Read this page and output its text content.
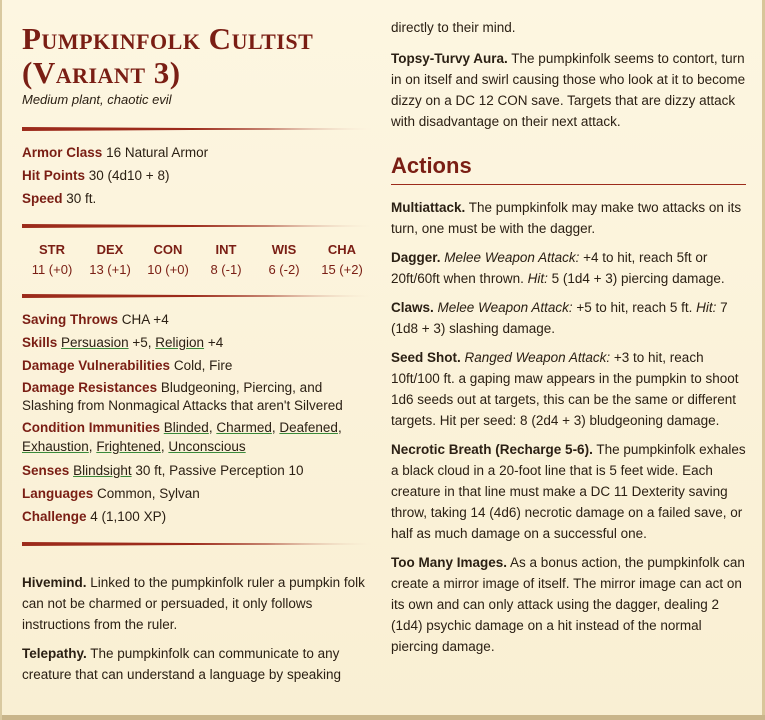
Pumpkinfolk Cultist
(Variant 3)
Medium plant, chaotic evil
Armor Class 16 Natural Armor
Hit Points 30 (4d10 + 8)
Speed 30 ft.
STR
11 (+0)
DEX
13 (+1)
CON
10 (+0)
INT
8 (-1)
WIS
6 (-2)
CHA
15 (+2)
Saving Throws CHA +4
Skills Persuasion +5, Religion +4
Damage Vulnerabilities Cold, Fire
Damage Resistances Bludgeoning, Piercing, and Slashing from Nonmagical Attacks that aren't Silvered
Condition Immunities Blinded, Charmed, Deafened, Exhaustion, Frightened, Unconscious
Senses Blindsight 30 ft, Passive Perception 10
Languages Common, Sylvan
Challenge 4 (1,100 XP)

Hivemind. Linked to the pumpkinfolk ruler a pumpkin folk can not be charmed or persuaded, it only follows instructions from the ruler.

Telepathy. The pumpkinfolk can communicate to any creature that can understand a language by speaking

directly to their mind.

Topsy-Turvy Aura. The pumpkinfolk seems to contort, turn in on itself and swirl causing those who look at it to become dizzy on a DC 12 CON save. Targets that are dizzy attack with disadvantage on their next attack.

Actions

Multiattack. The pumpkinfolk may make two attacks on its turn, one must be with the dagger.

Dagger. Melee Weapon Attack: +4 to hit, reach 5ft or 20ft/60ft when thrown. Hit: 5 (1d4 + 3) piercing damage.

Claws. Melee Weapon Attack: +5 to hit, reach 5 ft. Hit: 7 (1d8 + 3) slashing damage.

Seed Shot. Ranged Weapon Attack: +3 to hit, reach 10ft/100 ft. a gaping maw appears in the pumpkin to shoot 1d6 seeds out at targets, this can be the same or different targets. Hit per seed: 8 (2d4 + 3) bludgeoning damage.

Necrotic Breath (Recharge 5-6). The pumpkinfolk exhales a black cloud in a 20-foot line that is 5 feet wide. Each creature in that line must make a DC 11 Dexterity saving throw, taking 14 (4d6) necrotic damage on a failed save, or half as much damage on a successful one.

Too Many Images. As a bonus action, the pumpkinfolk can create a mirror image of itself. The mirror image can act on its own and can only attack using the dagger, dealing 2 (1d4) psychic damage on a hit instead of the normal piercing damage.
